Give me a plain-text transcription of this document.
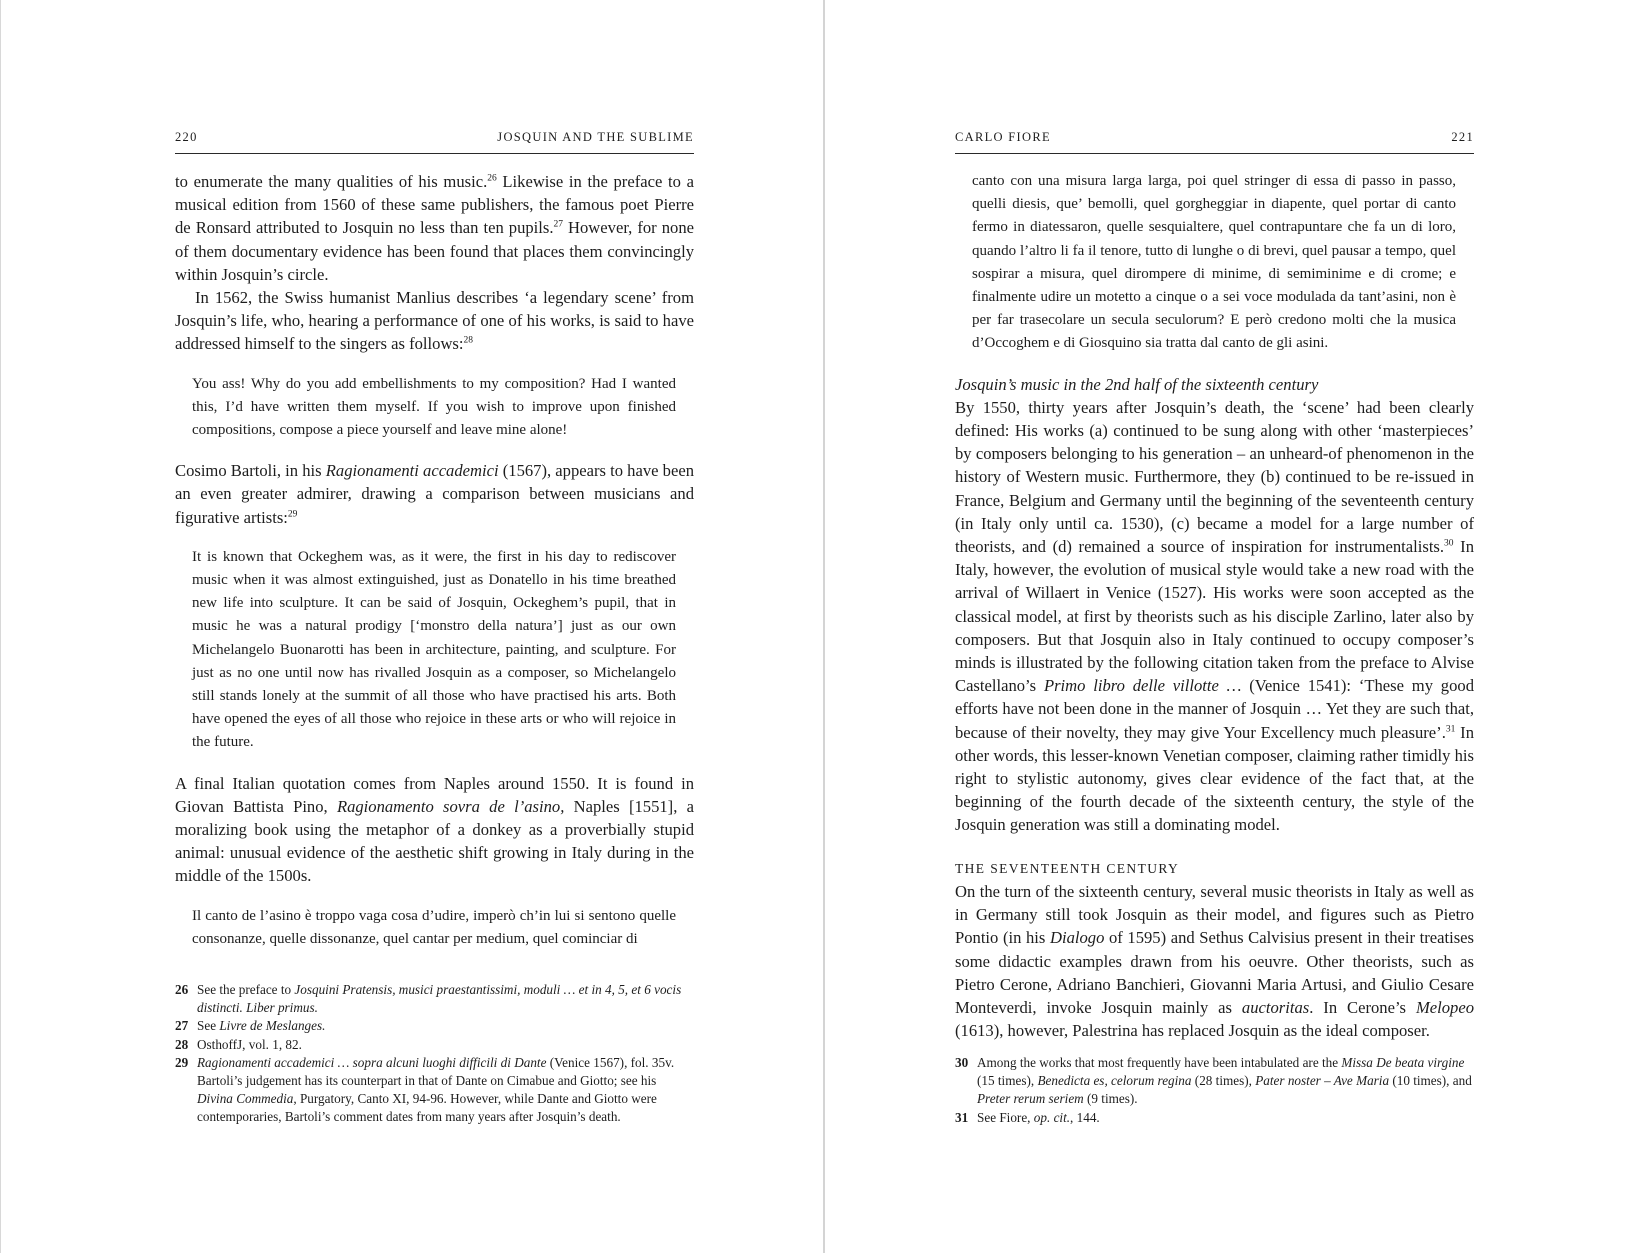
220	JOSQUIN AND THE SUBLIME

to enumerate the many qualities of his music.$^{26}$ Likewise in the preface to a musical edition from 1560 of these same publishers, the famous poet Pierre de Ronsard attributed to Josquin no less than ten pupils.$^{27}$ However, for none of them documentary evidence has been found that places them convincingly within Josquin’s circle.

In 1562, the Swiss humanist Manlius describes ‘a legendary scene’ from Josquin’s life, who, hearing a performance of one of his works, is said to have addressed himself to the singers as follows:$^{28}$

You ass! Why do you add embellishments to my composition? Had I wanted this, I’d have written them myself. If you wish to improve upon finished compositions, compose a piece yourself and leave mine alone!

Cosimo Bartoli, in his Ragionamenti accademici (1567), appears to have been an even greater admirer, drawing a comparison between musicians and figurative artists:$^{29}$

It is known that Ockeghem was, as it were, the first in his day to rediscover music when it was almost extinguished, just as Donatello in his time breathed new life into sculpture. It can be said of Josquin, Ockeghem’s pupil, that in music he was a natural prodigy [‘monstro della natura’] just as our own Michelangelo Buonarotti has been in architecture, painting, and sculpture. For just as no one until now has rivalled Josquin as a composer, so Michelangelo still stands lonely at the summit of all those who have practised his arts. Both have opened the eyes of all those who rejoice in these arts or who will rejoice in the future.

A final Italian quotation comes from Naples around 1550. It is found in Giovan Battista Pino, Ragionamento sovra de l’asino, Naples [1551], a moralizing book using the metaphor of a donkey as a proverbially stupid animal: unusual evidence of the aesthetic shift growing in Italy during in the middle of the 1500s.

Il canto de l’asino è troppo vaga cosa d’udire, imperò ch’in lui si sentono quelle consonanze, quelle dissonanze, quel cantar per medium, quel cominciar di

26 See the preface to Josquini Pratensis, musici praestantissimi, moduli … et in 4, 5, et 6 vocis distincti. Liber primus.

27 See Livre de Meslanges.

28 OsthoffJ, vol. 1, 82.

29 Ragionamenti accademici … sopra alcuni luoghi difficili di Dante (Venice 1567), fol. 35v. Bartoli’s judgement has its counterpart in that of Dante on Cimabue and Giotto; see his Divina Commedia, Purgatory, Canto XI, 94-96. However, while Dante and Giotto were contemporaries, Bartoli’s comment dates from many years after Josquin’s death.

CARLO FIORE	221

canto con una misura larga larga, poi quel stringer di essa di passo in passo, quelli diesis, que’ bemolli, quel gorgheggiar in diapente, quel portar di canto fermo in diatessaron, quelle sesquialtere, quel contrapuntare che fa un di loro, quando l’altro li fa il tenore, tutto di lunghe o di brevi, quel pausar a tempo, quel sospirar a misura, quel dirompere di minime, di semiminime e di crome; e finalmente udire un motetto a cinque o a sei voce modulada da tant’asini, non è per far trasecolare un secula seculorum? E però credono molti che la musica d’Occoghem e di Giosquino sia tratta dal canto de gli asini.

Josquin’s music in the 2nd half of the sixteenth century

By 1550, thirty years after Josquin’s death, the ‘scene’ had been clearly defined: His works (a) continued to be sung along with other ‘masterpieces’ by composers belonging to his generation – an unheard-of phenomenon in the history of Western music. Furthermore, they (b) continued to be re-issued in France, Belgium and Germany until the beginning of the seventeenth century (in Italy only until ca. 1530), (c) became a model for a large number of theorists, and (d) remained a source of inspiration for instrumentalists.$^{30}$ In Italy, however, the evolution of musical style would take a new road with the arrival of Willaert in Venice (1527). His works were soon accepted as the classical model, at first by theorists such as his disciple Zarlino, later also by composers. But that Josquin also in Italy continued to occupy composer’s minds is illustrated by the following citation taken from the preface to Alvise Castellano’s Primo libro delle villotte … (Venice 1541): ‘These my good efforts have not been done in the manner of Josquin … Yet they are such that, because of their novelty, they may give Your Excellency much pleasure’.$^{31}$ In other words, this lesser-known Venetian composer, claiming rather timidly his right to stylistic autonomy, gives clear evidence of the fact that, at the beginning of the fourth decade of the sixteenth century, the style of the Josquin generation was still a dominating model.

THE SEVENTEENTH CENTURY

On the turn of the sixteenth century, several music theorists in Italy as well as in Germany still took Josquin as their model, and figures such as Pietro Pontio (in his Dialogo of 1595) and Sethus Calvisius present in their treatises some didactic examples drawn from his oeuvre. Other theorists, such as Pietro Cerone, Adriano Banchieri, Giovanni Maria Artusi, and Giulio Cesare Monteverdi, invoke Josquin mainly as auctoritas. In Cerone’s Melopeo (1613), however, Palestrina has replaced Josquin as the ideal composer.

30 Among the works that most frequently have been intabulated are the Missa De beata virgine (15 times), Benedicta es, celorum regina (28 times), Pater noster – Ave Maria (10 times), and Preter rerum seriem (9 times).

31 See Fiore, op. cit., 144.
